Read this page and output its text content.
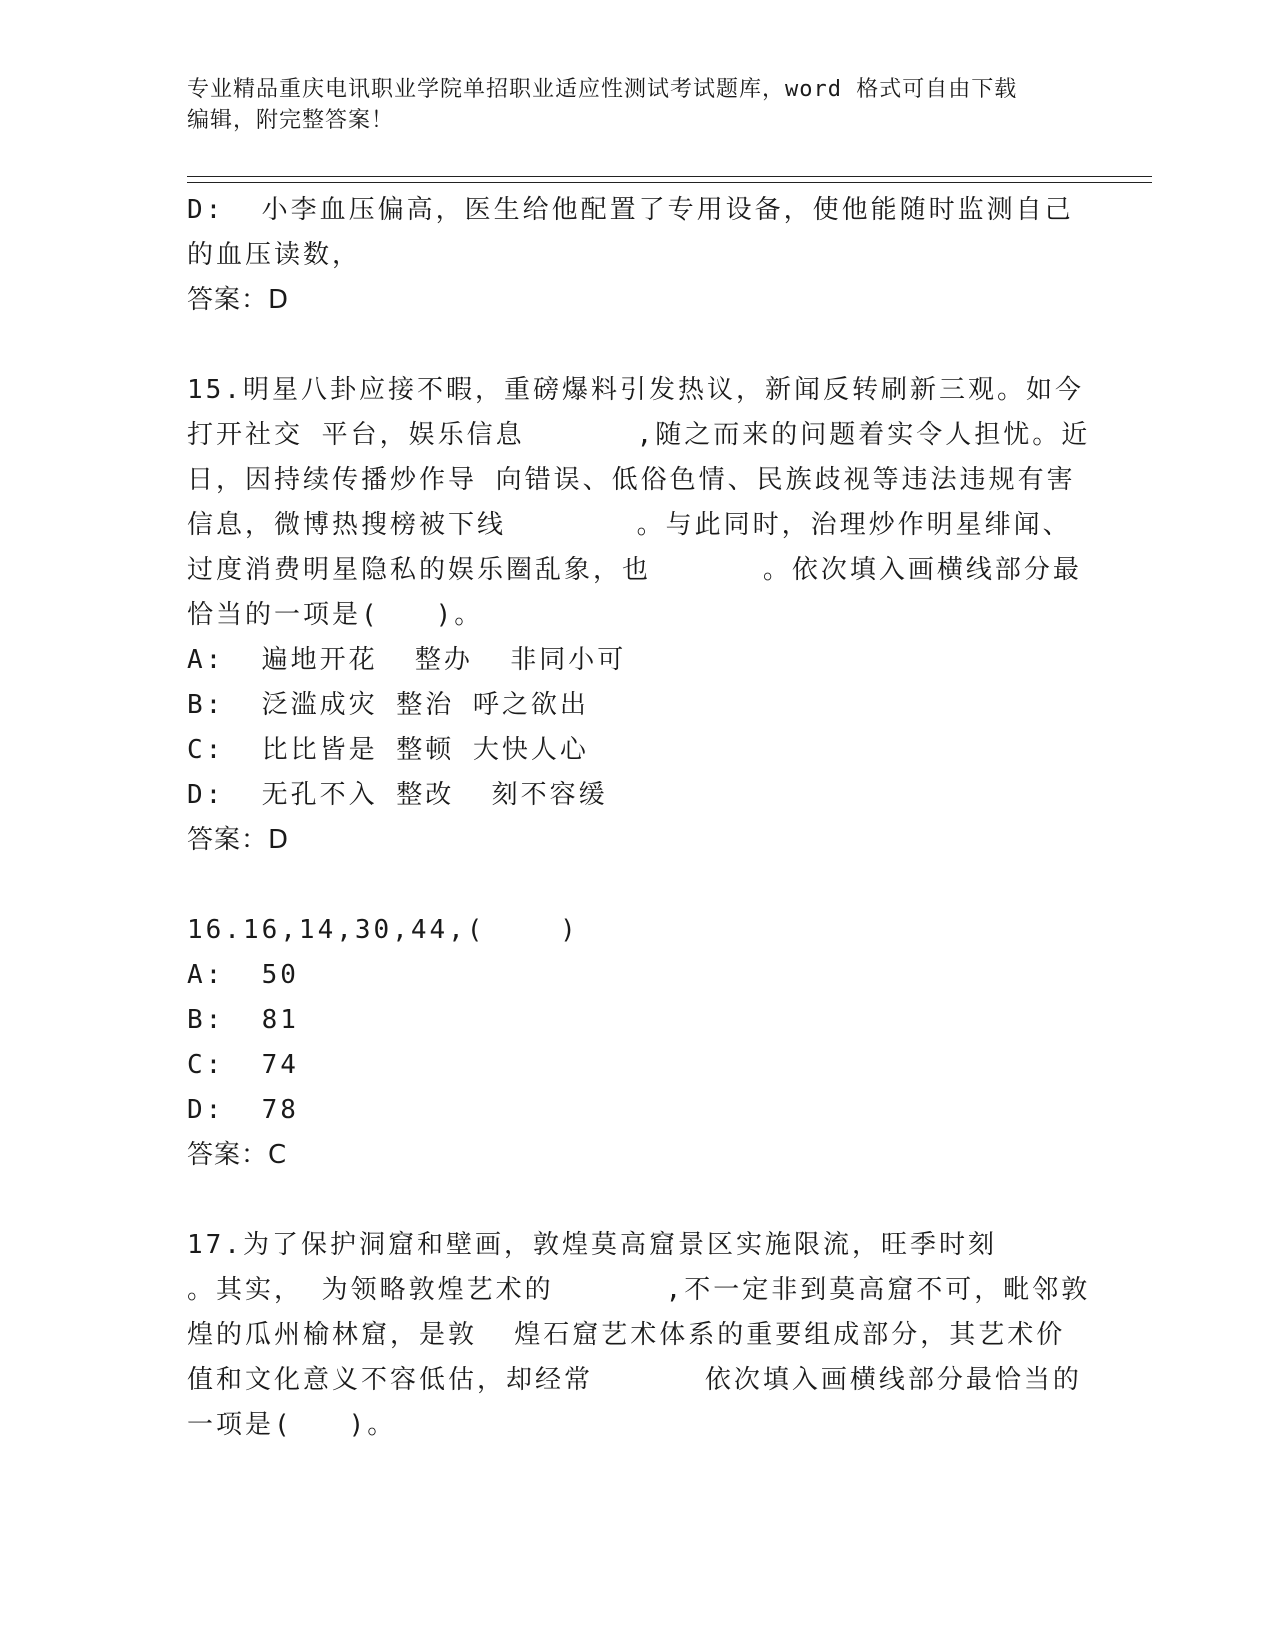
专业精品重庆电讯职业学院单招职业适应性测试考试题库，word 格式可自由下载
编辑，附完整答案！
D:  小李血压偏高，医生给他配置了专用设备，使他能随时监测自己
的血压读数，
答案：D
15.明星八卦应接不暇，重磅爆料引发热议，新闻反转刷新三观。如今
打开社交 平台，娱乐信息      ,随之而来的问题着实令人担忧。近
日，因持续传播炒作导 向错误、低俗色情、民族歧视等违法违规有害
信息，微博热搜榜被下线       。与此同时，治理炒作明星绯闻、
过度消费明星隐私的娱乐圈乱象，也      。依次填入画横线部分最
恰当的一项是(   )。
A:  遍地开花  整办  非同小可
B:  泛滥成灾 整治 呼之欲出
C:  比比皆是 整顿 大快人心
D:  无孔不入 整改  刻不容缓
答案：D
16.16,14,30,44,(    )
A:  50
B:  81
C:  74
D:  78
答案：C
17.为了保护洞窟和壁画，敦煌莫高窟景区实施限流，旺季时刻
。其实， 为领略敦煌艺术的      ,不一定非到莫高窟不可，毗邻敦
煌的瓜州榆林窟，是敦  煌石窟艺术体系的重要组成部分，其艺术价
值和文化意义不容低估，却经常      依次填入画横线部分最恰当的
一项是(   )。
